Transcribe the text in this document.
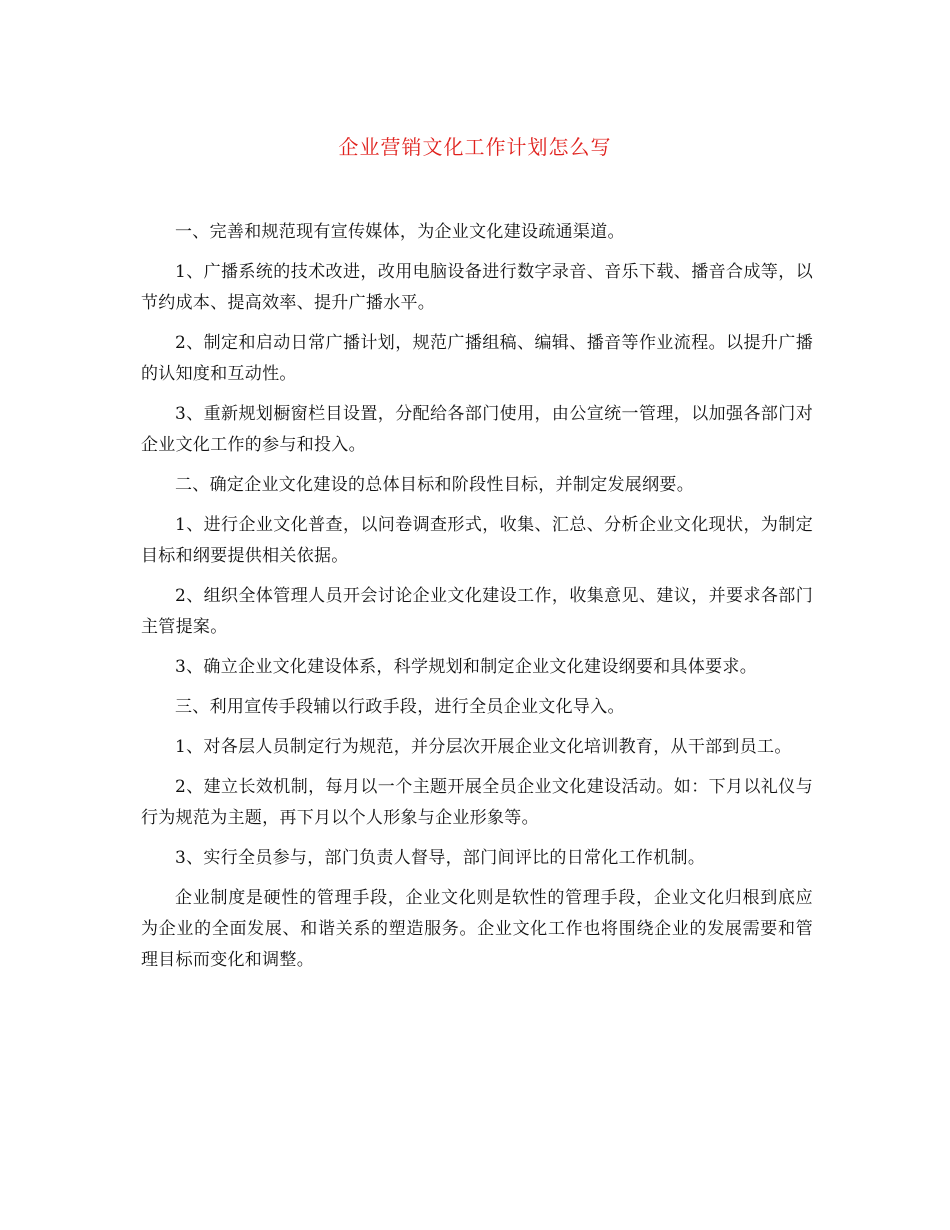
企业营销文化工作计划怎么写

一、完善和规范现有宣传媒体，为企业文化建设疏通渠道。

1、广播系统的技术改进，改用电脑设备进行数字录音、音乐下载、播音合成等，以节约成本、提高效率、提升广播水平。

2、制定和启动日常广播计划，规范广播组稿、编辑、播音等作业流程。以提升广播的认知度和互动性。

3、重新规划橱窗栏目设置，分配给各部门使用，由公宣统一管理，以加强各部门对企业文化工作的参与和投入。

二、确定企业文化建设的总体目标和阶段性目标，并制定发展纲要。

1、进行企业文化普查，以问卷调查形式，收集、汇总、分析企业文化现状，为制定目标和纲要提供相关依据。

2、组织全体管理人员开会讨论企业文化建设工作，收集意见、建议，并要求各部门主管提案。

3、确立企业文化建设体系，科学规划和制定企业文化建设纲要和具体要求。

三、利用宣传手段辅以行政手段，进行全员企业文化导入。

1、对各层人员制定行为规范，并分层次开展企业文化培训教育，从干部到员工。

2、建立长效机制，每月以一个主题开展全员企业文化建设活动。如：下月以礼仪与行为规范为主题，再下月以个人形象与企业形象等。

3、实行全员参与，部门负责人督导，部门间评比的日常化工作机制。

企业制度是硬性的管理手段，企业文化则是软性的管理手段，企业文化归根到底应为企业的全面发展、和谐关系的塑造服务。企业文化工作也将围绕企业的发展需要和管理目标而变化和调整。
